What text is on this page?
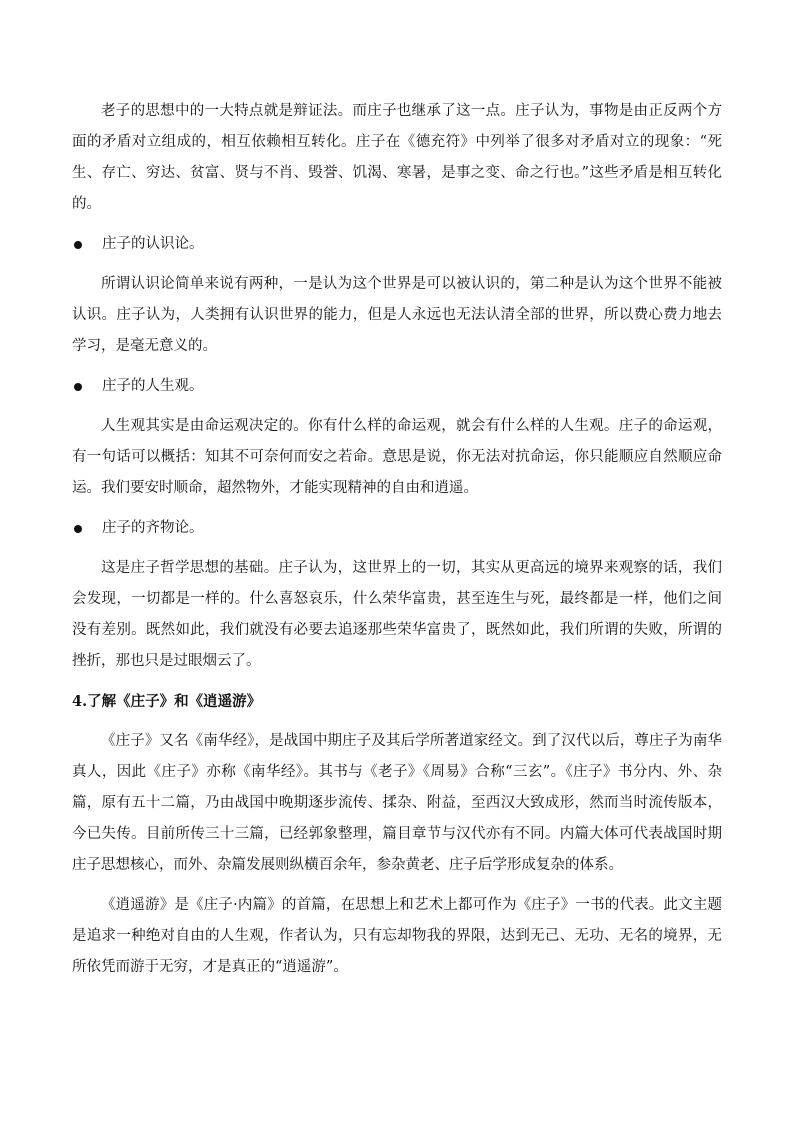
老子的思想中的一大特点就是辩证法。而庄子也继承了这一点。庄子认为，事物是由正反两个方面的矛盾对立组成的，相互依赖相互转化。庄子在《德充符》中列举了很多对矛盾对立的现象：“死生、存亡、穷达、贫富、贤与不肖、毁誉、饥渴、寒暑，是事之变、命之行也。”这些矛盾是相互转化的。

庄子的认识论。

所谓认识论简单来说有两种，一是认为这个世界是可以被认识的，第二种是认为这个世界不能被认识。庄子认为，人类拥有认识世界的能力，但是人永远也无法认清全部的世界，所以费心费力地去学习，是毫无意义的。

庄子的人生观。

人生观其实是由命运观决定的。你有什么样的命运观，就会有什么样的人生观。庄子的命运观，有一句话可以概括：知其不可奈何而安之若命。意思是说，你无法对抗命运，你只能顺应自然顺应命运。我们要安时顺命，超然物外，才能实现精神的自由和逍遥。

庄子的齐物论。

这是庄子哲学思想的基础。庄子认为，这世界上的一切，其实从更高远的境界来观察的话，我们会发现，一切都是一样的。什么喜怒哀乐，什么荣华富贵，甚至连生与死，最终都是一样，他们之间没有差别。既然如此，我们就没有必要去追逐那些荣华富贵了，既然如此，我们所谓的失败，所谓的挫折，那也只是过眼烟云了。

4.了解《庄子》和《逍遥游》

《庄子》又名《南华经》，是战国中期庄子及其后学所著道家经文。到了汉代以后，尊庄子为南华真人，因此《庄子》亦称《南华经》。其书与《老子》《周易》合称“三玄”。《庄子》书分内、外、杂篇，原有五十二篇，乃由战国中晚期逐步流传、揉杂、附益，至西汉大致成形，然而当时流传版本，今已失传。目前所传三十三篇，已经郭象整理，篇目章节与汉代亦有不同。内篇大体可代表战国时期庄子思想核心，而外、杂篇发展则纵横百余年，参杂黄老、庄子后学形成复杂的体系。

《逍遥游》是《庄子·内篇》的首篇，在思想上和艺术上都可作为《庄子》一书的代表。此文主题是追求一种绝对自由的人生观，作者认为，只有忘却物我的界限，达到无己、无功、无名的境界，无所依凭而游于无穷，才是真正的“逍遥游”。
